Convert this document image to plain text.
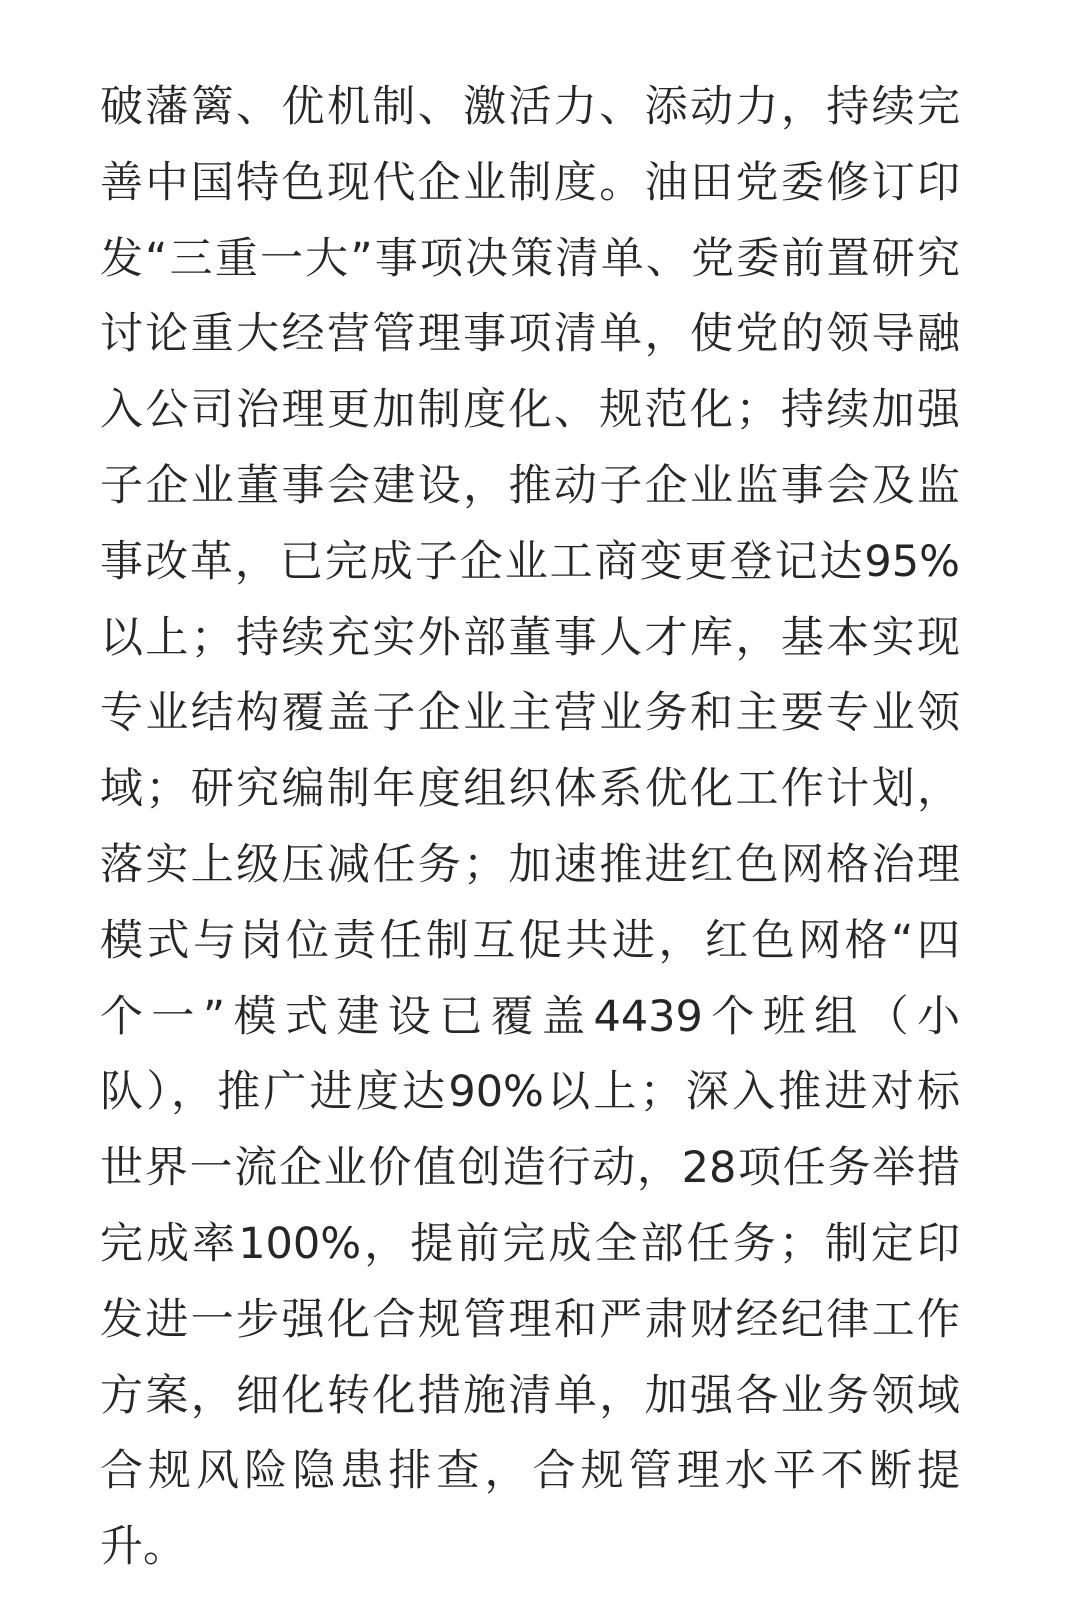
破藩篱、优机制、激活力、添动力，持续完
善中国特色现代企业制度。油田党委修订印
发“三重一大”事项决策清单、党委前置研究
讨论重大经营管理事项清单，使党的领导融
入公司治理更加制度化、规范化；持续加强
子企业董事会建设，推动子企业监事会及监
事改革，已完成子企业工商变更登记达95%
以上；持续充实外部董事人才库，基本实现
专业结构覆盖子企业主营业务和主要专业领
域；研究编制年度组织体系优化工作计划，
落实上级压减任务；加速推进红色网格治理
模式与岗位责任制互促共进，红色网格“四
个一”模式建设已覆盖4439个班组（小
队），推广进度达90%以上；深入推进对标
世界一流企业价值创造行动，28项任务举措
完成率100%，提前完成全部任务；制定印
发进一步强化合规管理和严肃财经纪律工作
方案，细化转化措施清单，加强各业务领域
合规风险隐患排查，合规管理水平不断提
升。
